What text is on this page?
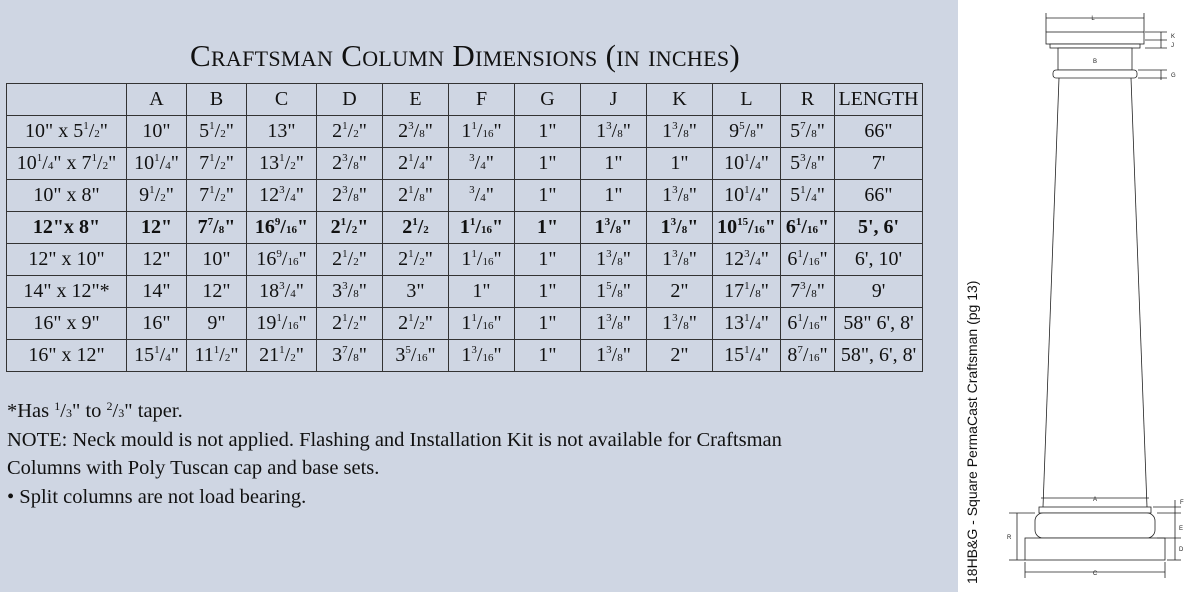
Craftsman Column Dimensions (in inches)
	A	B	C	D	E	F	G	J	K	L	R	LENGTH
10" x $5^1/2$"	10"	$5^1/2$"	13"	$2^1/2$"	$2^3/8$"	$1^1/16$"	1"	$1^3/8$"	$1^3/8$"	$9^5/8$"	$5^7/8$"	66"
$10^1/4$" x $7^1/2$"	$10^1/4$"	$7^1/2$"	$13^1/2$"	$2^3/8$"	$2^1/4$"	$^3$/4"	1"	1"	1"	$10^1/4$"	$5^3/8$"	7'
10" x 8"	$9^1/2$"	$7^1/2$"	$12^3/4$"	$2^3/8$"	$2^1/8$"	$^3$/4"	1"	1"	$1^3/8$"	$10^1/4$"	$5^1/4$"	66"
12"x 8"	12"	$7^7/8$"	$16^9/16$"	$2^1/2$"	$2^1/2$	$1^1/16$"	1"	$1^3/8$"	$1^3/8$"	$10^{15}/16$"	$6^1/16$"	5', 6'
12" x 10"	12"	10"	$16^9/16$"	$2^1/2$"	$2^1/2$"	$1^1/16$"	1"	$1^3/8$"	$1^3/8$"	$12^3/4$"	$6^1/16$"	6', 10'
14" x 12"*	14"	12"	$18^3/4$"	$3^3/8$"	3"	1"	1"	$1^5/8$"	2"	$17^1/8$"	$7^3/8$"	9'
16" x 9"	16"	9"	$19^1/16$"	$2^1/2$"	$2^1/2$"	$1^1/16$"	1"	$1^3/8$"	$1^3/8$"	$13^1/4$"	$6^1/16$"	58" 6', 8'
16" x 12"	$15^1/4$"	$11^1/2$"	$21^1/2$"	$3^7/8$"	$3^5/16$"	$1^3/16$"	1"	$1^3/8$"	2"	$15^1/4$"	$8^7/16$"	58", 6', 8'
*Has $^1$/3" to $^2$/3" taper.
NOTE: Neck mould is not applied. Flashing and Installation Kit is not available for Craftsman
Columns with Poly Tuscan cap and base sets.
• Split columns are not load bearing.	18HB&G - Square PermaCast Craftsman (pg 13)
L
B
K
J
G
A
C
R
F
E
D
